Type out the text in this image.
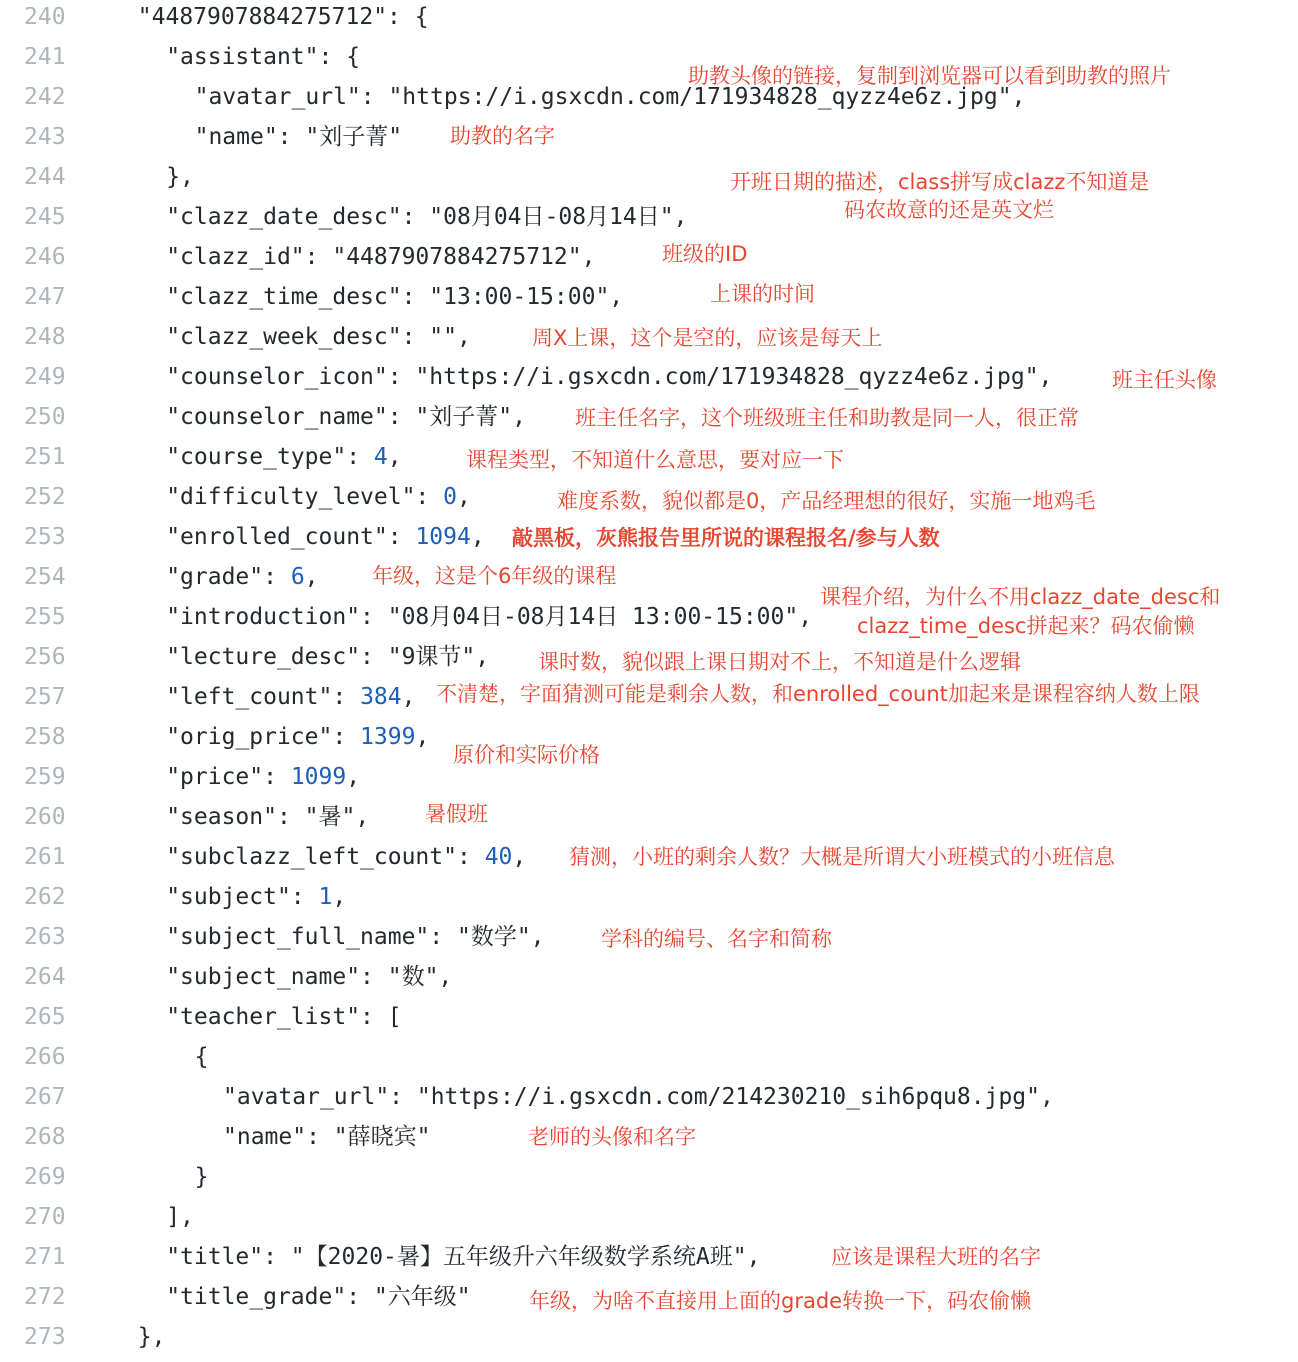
240	"4487907884275712": {
241	"assistant": {
242	"avatar_url": "https://i.gsxcdn.com/171934828_qyzz4e6z.jpg",
243	"name": "刘子菁"
244	},
245	"clazz_date_desc": "08月04日-08月14日",
246	"clazz_id": "4487907884275712",
247	"clazz_time_desc": "13:00-15:00",
248	"clazz_week_desc": "",
249	"counselor_icon": "https://i.gsxcdn.com/171934828_qyzz4e6z.jpg",
250	"counselor_name": "刘子菁",
251	"course_type": 4,
252	"difficulty_level": 0,
253	"enrolled_count": 1094,
254	"grade": 6,
255	"introduction": "08月04日-08月14日 13:00-15:00",
256	"lecture_desc": "9课节",
257	"left_count": 384,
258	"orig_price": 1399,
259	"price": 1099,
260	"season": "暑",
261	"subclazz_left_count": 40,
262	"subject": 1,
263	"subject_full_name": "数学",
264	"subject_name": "数",
265	"teacher_list": [
266	{
267	"avatar_url": "https://i.gsxcdn.com/214230210_sih6pqu8.jpg",
268	"name": "薛晓宾"
269	}
270	],
271	"title": "【2020-暑】五年级升六年级数学系统A班",
272	"title_grade": "六年级"
273	},
助教头像的链接，复制到浏览器可以看到助教的照片
助教的名字
开班日期的描述，class拼写成clazz不知道是
码农故意的还是英文烂
班级的ID
上课的时间
周X上课，这个是空的，应该是每天上
班主任头像
班主任名字，这个班级班主任和助教是同一人，很正常
课程类型，不知道什么意思，要对应一下
难度系数，貌似都是0，产品经理想的很好，实施一地鸡毛
敲黑板，灰熊报告里所说的课程报名/参与人数
年级，这是个6年级的课程
课程介绍，为什么不用clazz_date_desc和
clazz_time_desc拼起来？码农偷懒
课时数，貌似跟上课日期对不上，不知道是什么逻辑
不清楚，字面猜测可能是剩余人数，和enrolled_count加起来是课程容纳人数上限
原价和实际价格
暑假班
猜测，小班的剩余人数？大概是所谓大小班模式的小班信息
学科的编号、名字和简称
老师的头像和名字
应该是课程大班的名字
年级，为啥不直接用上面的grade转换一下，码农偷懒
